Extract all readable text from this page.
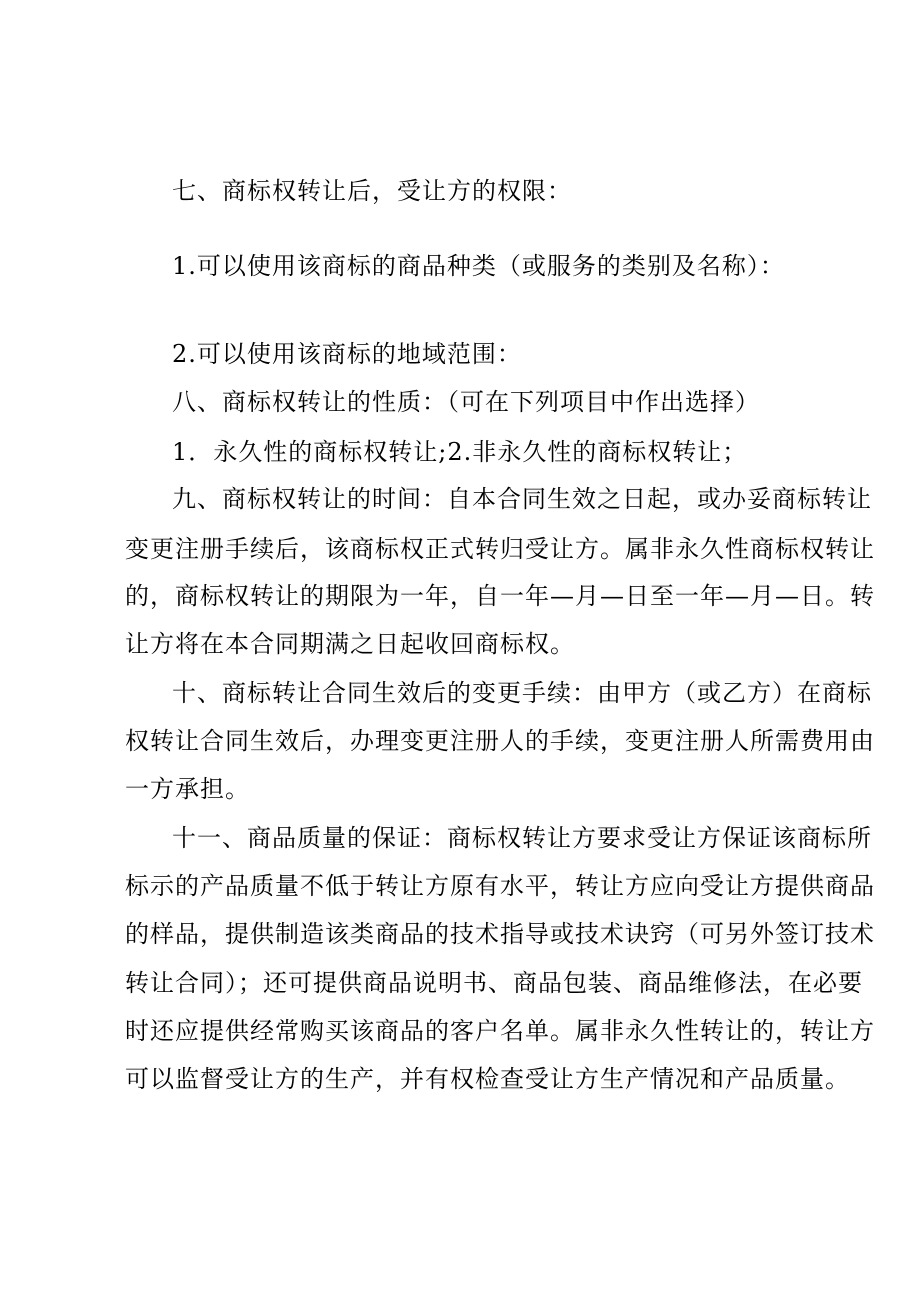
七、商标权转让后，受让方的权限：
1.可以使用该商标的商品种类（或服务的类别及名称）：
2.可以使用该商标的地域范围：
八、商标权转让的性质：（可在下列项目中作出选择）
1．永久性的商标权转让;2.非永久性的商标权转让；
九、商标权转让的时间：自本合同生效之日起，或办妥商标转让
变更注册手续后，该商标权正式转归受让方。属非永久性商标权转让
的，商标权转让的期限为一年，自一年—月—日至一年—月—日。转
让方将在本合同期满之日起收回商标权。
十、商标转让合同生效后的变更手续：由甲方（或乙方）在商标
权转让合同生效后，办理变更注册人的手续，变更注册人所需费用由
一方承担。
十一、商品质量的保证：商标权转让方要求受让方保证该商标所
标示的产品质量不低于转让方原有水平，转让方应向受让方提供商品
的样品，提供制造该类商品的技术指导或技术诀窍（可另外签订技术
转让合同）；还可提供商品说明书、商品包装、商品维修法，在必要
时还应提供经常购买该商品的客户名单。属非永久性转让的，转让方
可以监督受让方的生产，并有权检查受让方生产情况和产品质量。
